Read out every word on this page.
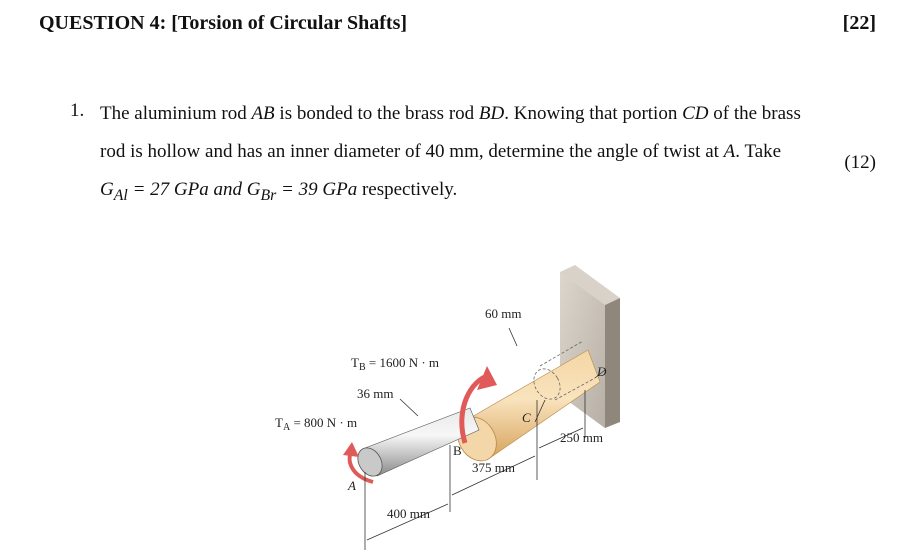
QUESTION 4: [Torsion of Circular Shafts]	[22]
1. The aluminium rod AB is bonded to the brass rod BD. Knowing that portion CD of the brass rod is hollow and has an inner diameter of 40 mm, determine the angle of twist at A. Take
$G_{Al} = 27$ GPa and $G_{Br} = 39$ GPa respectively.
(12)
60 mm
$T_B = 1600$ N · m
36 mm
$T_A = 800$ N · m
A
B
C
D
250 mm
375 mm
400 mm
